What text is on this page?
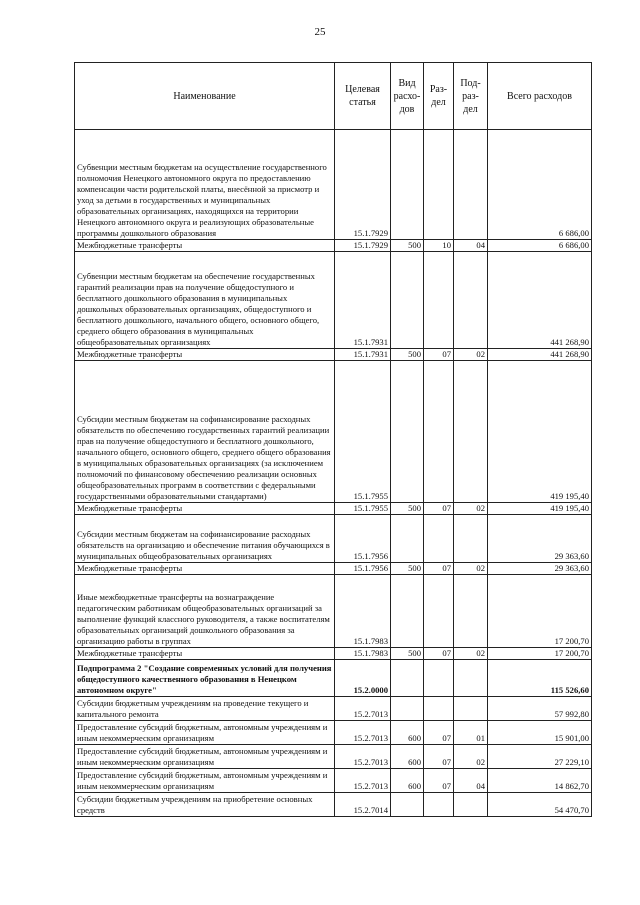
25
Наименование	Целевая статья	Вид расхо-дов	Раз-дел	Под-раз-дел	Всего расходов
Субвенции местным бюджетам на осуществление государственного полномочия Ненецкого автономного округа по предоставлению компенсации части родительской платы, внесённой за присмотр и уход за детьми в государственных и муниципальных образовательных организациях, находящихся на территории Ненецкого автономного округа и реализующих образовательные программы дошкольного образования	15.1.7929				6 686,00
Межбюджетные трансферты	15.1.7929	500	10	04	6 686,00
Субвенции местным бюджетам на обеспечение государственных гарантий реализации прав на получение общедоступного и бесплатного дошкольного образования в муниципальных дошкольных образовательных организациях, общедоступного и бесплатного дошкольного, начального общего, основного общего, среднего общего образования в муниципальных общеобразовательных организациях	15.1.7931				441 268,90
Межбюджетные трансферты	15.1.7931	500	07	02	441 268,90
Субсидии местным бюджетам на софинансирование расходных обязательств по обеспечению государственных гарантий реализации прав на получение общедоступного и бесплатного дошкольного, начального общего, основного общего, среднего общего образования в муниципальных образовательных организациях (за исключением полномочий по финансовому обеспечению реализации основных общеобразовательных программ в соответствии с федеральными государственными образовательными стандартами)	15.1.7955				419 195,40
Межбюджетные трансферты	15.1.7955	500	07	02	419 195,40
Субсидии местным бюджетам на софинансирование расходных обязательств на организацию и обеспечение питания обучающихся в муниципальных общеобразовательных организациях	15.1.7956				29 363,60
Межбюджетные трансферты	15.1.7956	500	07	02	29 363,60
Иные межбюджетные трансферты на вознаграждение педагогическим работникам общеобразовательных организаций за выполнение функций классного руководителя, а также воспитателям образовательных организаций дошкольного образования за организацию работы в группах	15.1.7983				17 200,70
Межбюджетные трансферты	15.1.7983	500	07	02	17 200,70
Подпрограмма 2 "Создание современных условий для получения общедоступного качественного образования в Ненецком автономном округе"	15.2.0000				115 526,60
Субсидии бюджетным учреждениям на проведение текущего и капитального ремонта	15.2.7013				57 992,80
Предоставление субсидий бюджетным, автономным учреждениям и иным некоммерческим организациям	15.2.7013	600	07	01	15 901,00
Предоставление субсидий бюджетным, автономным учреждениям и иным некоммерческим организациям	15.2.7013	600	07	02	27 229,10
Предоставление субсидий бюджетным, автономным учреждениям и иным некоммерческим организациям	15.2.7013	600	07	04	14 862,70
Субсидии бюджетным учреждениям на приобретение основных средств	15.2.7014				54 470,70
